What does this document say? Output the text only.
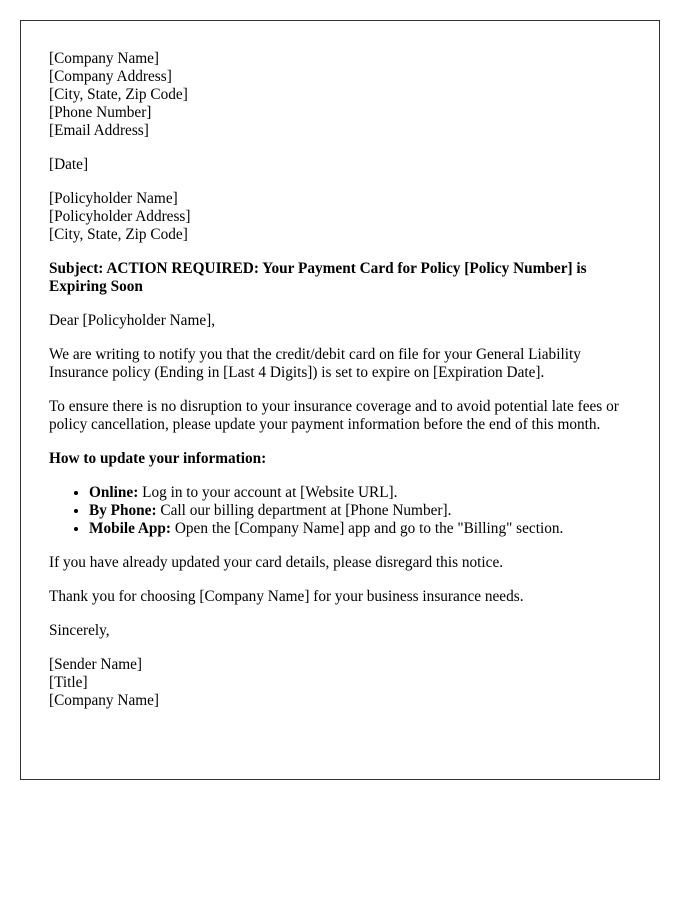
[Company Name]
[Company Address]
[City, State, Zip Code]
[Phone Number]
[Email Address]
[Date]
[Policyholder Name]
[Policyholder Address]
[City, State, Zip Code]
Subject: ACTION REQUIRED: Your Payment Card for Policy [Policy Number] is Expiring Soon

Dear [Policyholder Name],

We are writing to notify you that the credit/debit card on file for your General Liability Insurance policy (Ending in [Last 4 Digits]) is set to expire on [Expiration Date].

To ensure there is no disruption to your insurance coverage and to avoid potential late fees or policy cancellation, please update your payment information before the end of this month.

How to update your information:
• Online: Log in to your account at [Website URL].
• By Phone: Call our billing department at [Phone Number].
• Mobile App: Open the [Company Name] app and go to the "Billing" section.

If you have already updated your card details, please disregard this notice.

Thank you for choosing [Company Name] for your business insurance needs.

Sincerely,

[Sender Name]
[Title]
[Company Name]
